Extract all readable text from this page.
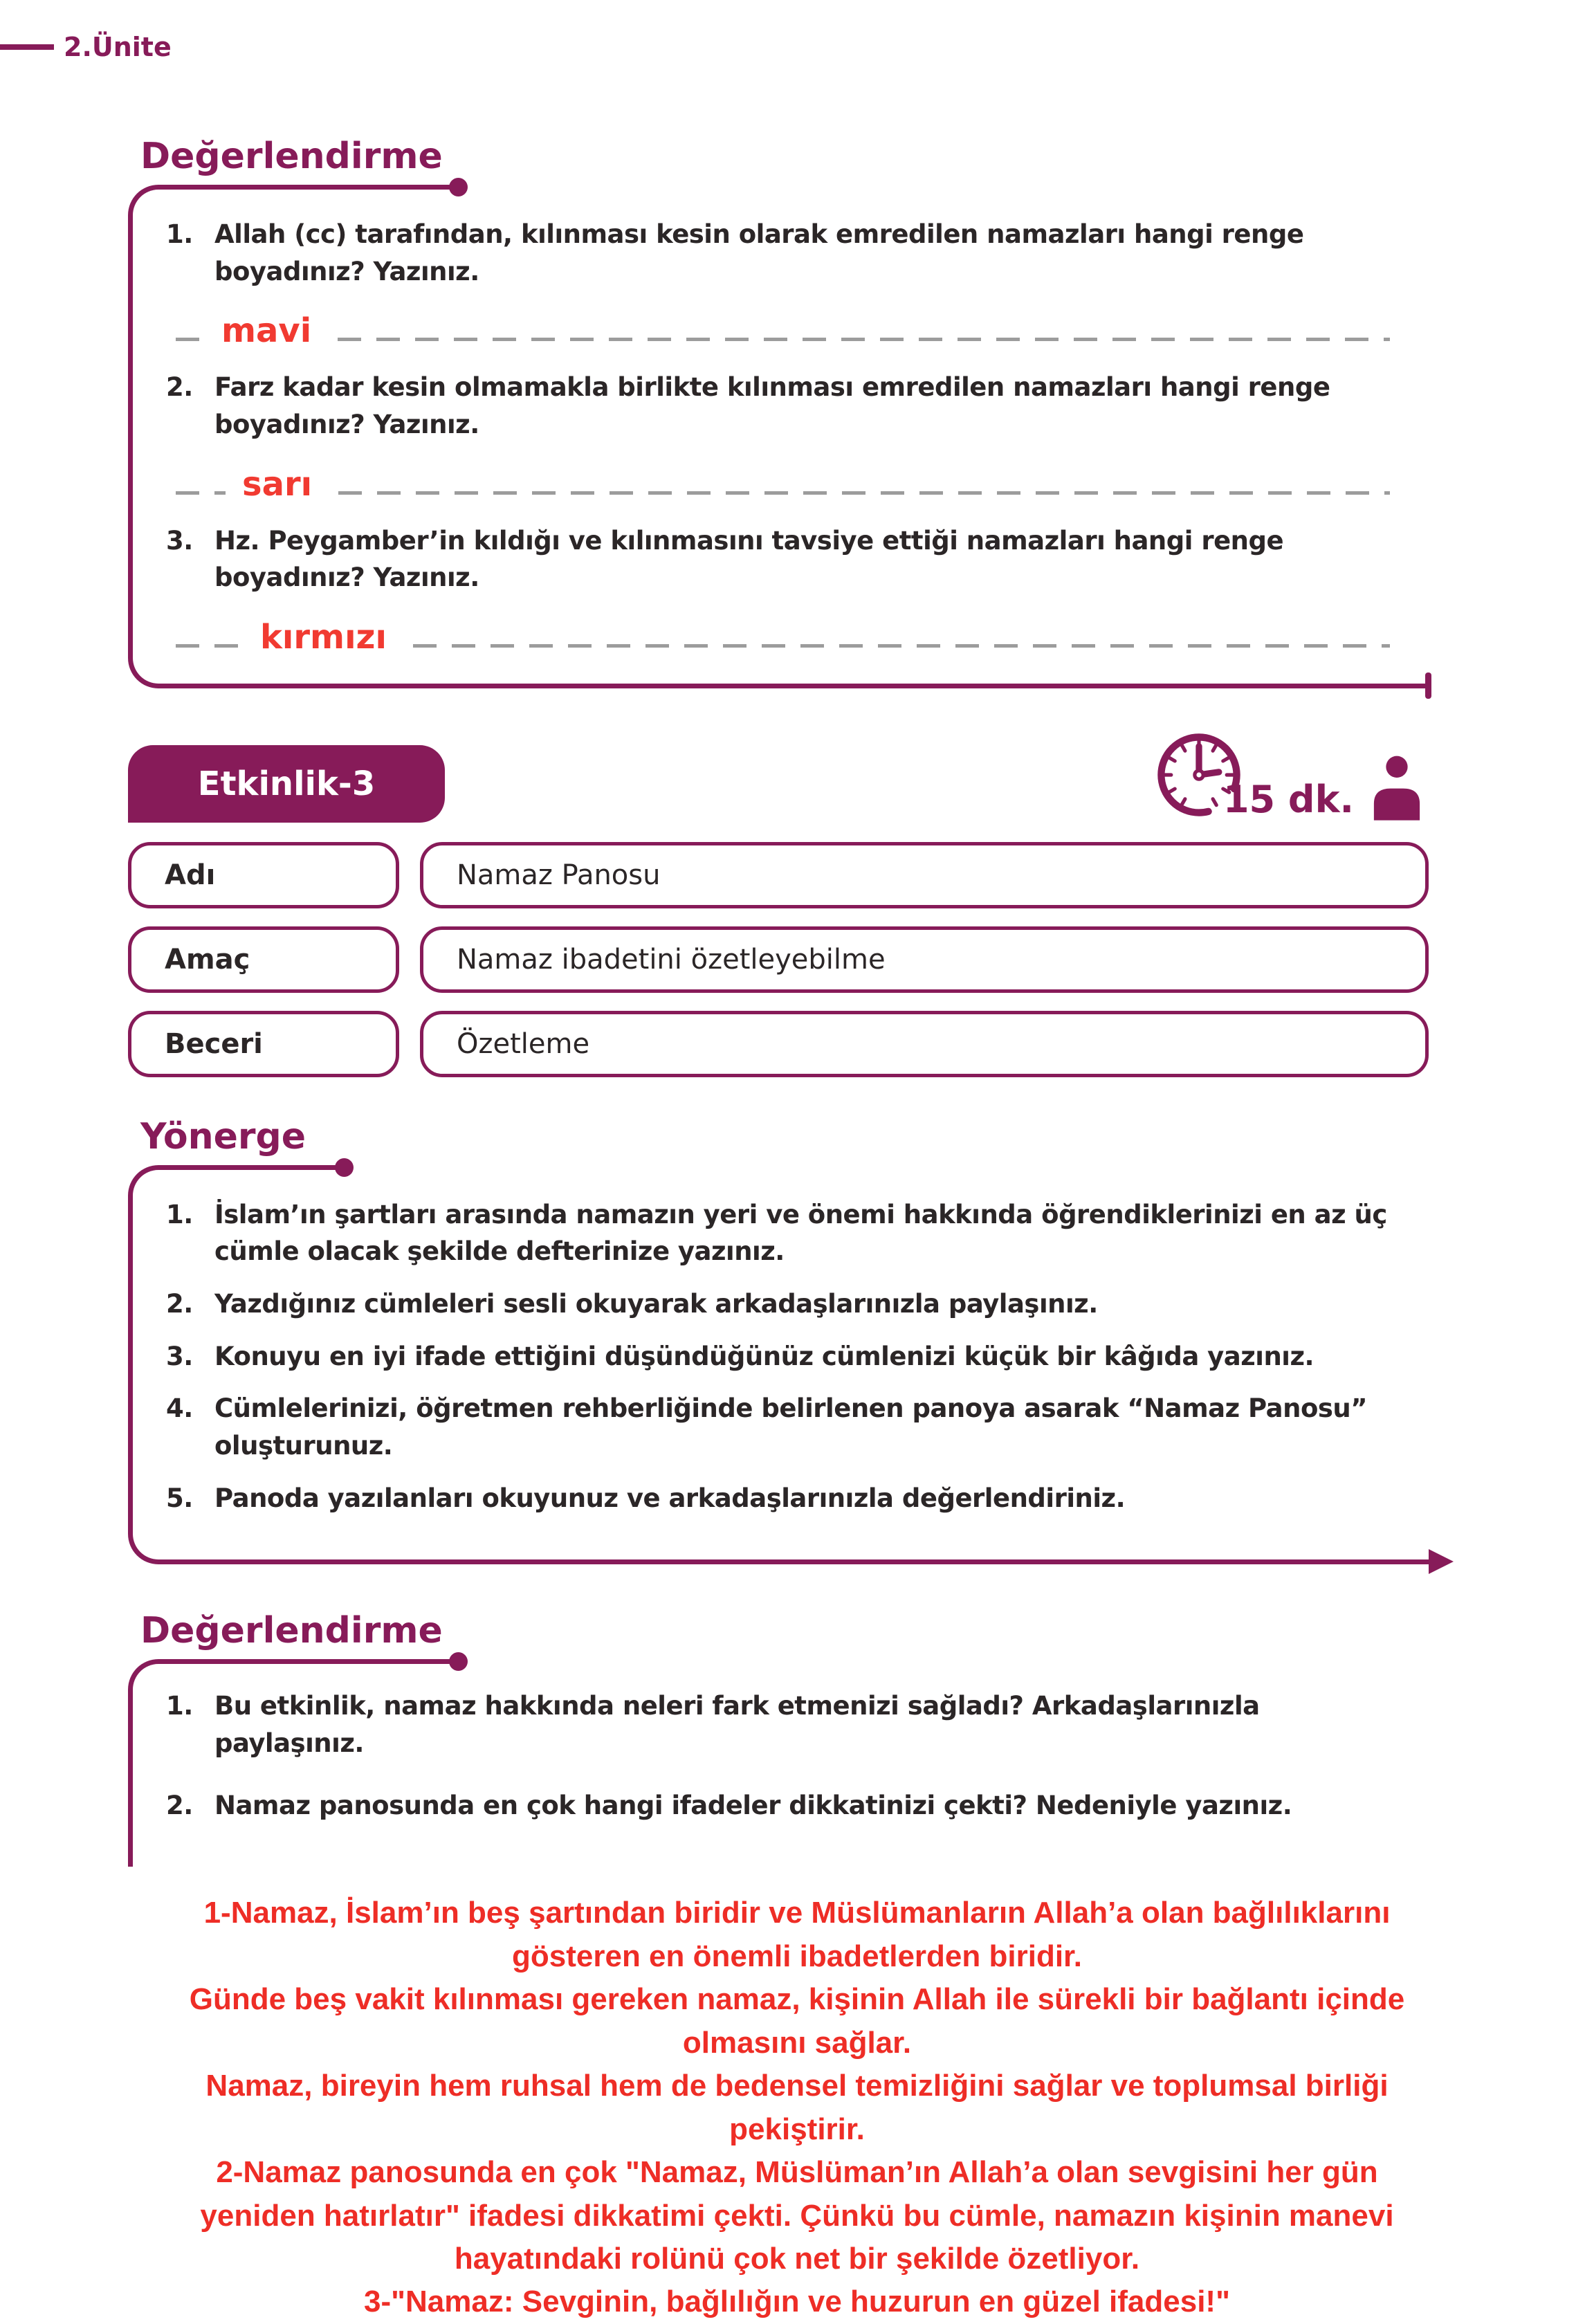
2.Ünite
Değerlendirme
1. Allah (cc) tarafından, kılınması kesin olarak emredilen namazları hangi renge boyadınız? Yazınız.
mavi
2. Farz kadar kesin olmamakla birlikte kılınması emredilen namazları hangi renge boyadınız? Yazınız.
sarı
3. Hz. Peygamber’in kıldığı ve kılınmasını tavsiye ettiği namazları hangi renge boyadınız? Yazınız.
kırmızı
Etkinlik-3	15 dk.
Adı	Namaz Panosu
Amaç	Namaz ibadetini özetleyebilme
Beceri	Özetleme
Yönerge
1. İslam’ın şartları arasında namazın yeri ve önemi hakkında öğrendiklerinizi en az üç cümle olacak şekilde defterinize yazınız.
2. Yazdığınız cümleleri sesli okuyarak arkadaşlarınızla paylaşınız.
3. Konuyu en iyi ifade ettiğini düşündüğünüz cümlenizi küçük bir kâğıda yazınız.
4. Cümlelerinizi, öğretmen rehberliğinde belirlenen panoya asarak “Namaz Panosu” oluşturunuz.
5. Panoda yazılanları okuyunuz ve arkadaşlarınızla değerlendiriniz.
Değerlendirme
1. Bu etkinlik, namaz hakkında neleri fark etmenizi sağladı? Arkadaşlarınızla paylaşınız.
2. Namaz panosunda en çok hangi ifadeler dikkatinizi çekti? Nedeniyle yazınız.
1-Namaz, İslam’ın beş şartından biridir ve Müslümanların Allah’a olan bağlılıklarını
gösteren en önemli ibadetlerden biridir.
Günde beş vakit kılınması gereken namaz, kişinin Allah ile sürekli bir bağlantı içinde
olmasını sağlar.
Namaz, bireyin hem ruhsal hem de bedensel temizliğini sağlar ve toplumsal birliği
pekiştirir.
2-Namaz panosunda en çok "Namaz, Müslüman’ın Allah’a olan sevgisini her gün
yeniden hatırlatır" ifadesi dikkatimi çekti. Çünkü bu cümle, namazın kişinin manevi
hayatındaki rolünü çok net bir şekilde özetliyor.
3-"Namaz: Sevginin, bağlılığın ve huzurun en güzel ifadesi!"
